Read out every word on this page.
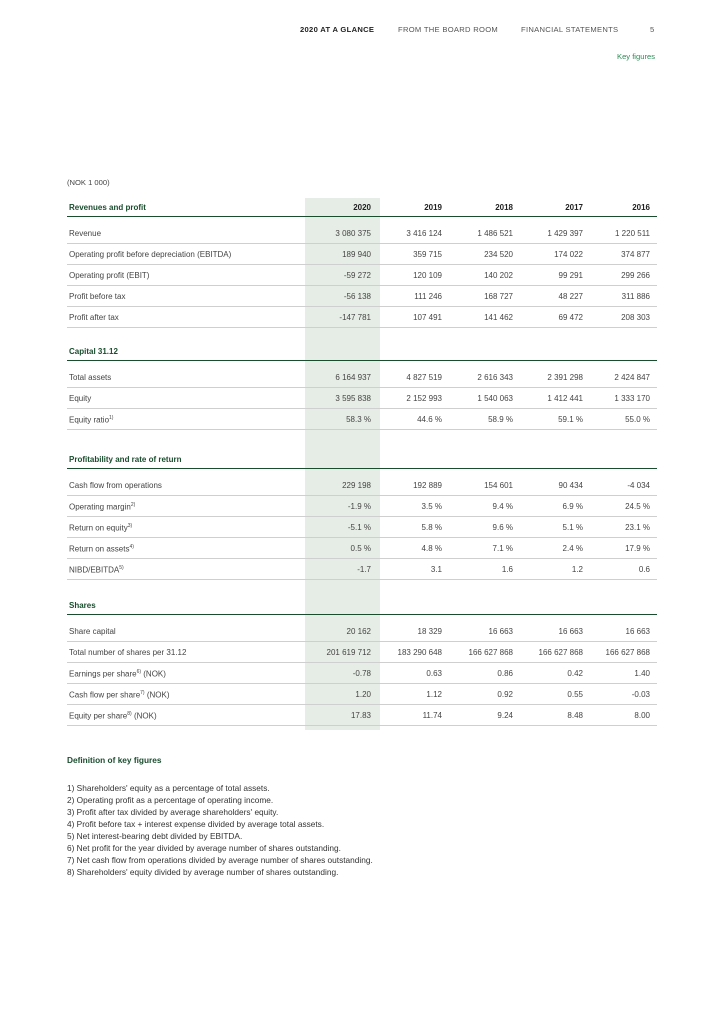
2020 AT A GLANCE	FROM THE BOARD ROOM	FINANCIAL STATEMENTS	5
Key figures
(NOK 1 000)
Revenues and profit	2020	2019	2018	2017	2016
Revenue	3 080 375	3 416 124	1 486 521	1 429 397	1 220 511
Operating profit before depreciation (EBITDA)	189 940	359 715	234 520	174 022	374 877
Operating profit (EBIT)	-59 272	120 109	140 202	99 291	299 266
Profit before tax	-56 138	111 246	168 727	48 227	311 886
Profit after tax	-147 781	107 491	141 462	69 472	208 303
Capital 31.12
Total assets	6 164 937	4 827 519	2 616 343	2 391 298	2 424 847
Equity	3 595 838	2 152 993	1 540 063	1 412 441	1 333 170
Equity ratio$^{1)}$	58.3 %	44.6 %	58.9 %	59.1 %	55.0 %
Profitability and rate of return
Cash flow from operations	229 198	192 889	154 601	90 434	-4 034
Operating margin$^{2)}$	-1.9 %	3.5 %	9.4 %	6.9 %	24.5 %
Return on equity$^{3)}$	-5.1 %	5.8 %	9.6 %	5.1 %	23.1 %
Return on assets$^{4)}$	0.5 %	4.8 %	7.1 %	2.4 %	17.9 %
NIBD/EBITDA$^{5)}$	-1.7	3.1	1.6	1.2	0.6
Shares
Share capital	20 162	18 329	16 663	16 663	16 663
Total number of shares per 31.12	201 619 712	183 290 648	166 627 868	166 627 868	166 627 868
Earnings per share$^{6)}$ (NOK)	-0.78	0.63	0.86	0.42	1.40
Cash flow per share$^{7)}$ (NOK)	1.20	1.12	0.92	0.55	-0.03
Equity per share$^{8)}$ (NOK)	17.83	11.74	9.24	8.48	8.00
Definition of key figures
1) Shareholders' equity as a percentage of total assets.
2) Operating profit as a percentage of operating income.
3) Profit after tax divided by average shareholders' equity.
4) Profit before tax + interest expense divided by average total assets.
5) Net interest-bearing debt divided by EBITDA.
6) Net profit for the year divided by average number of shares outstanding.
7) Net cash flow from operations divided by average number of shares outstanding.
8) Shareholders' equity divided by average number of shares outstanding.
